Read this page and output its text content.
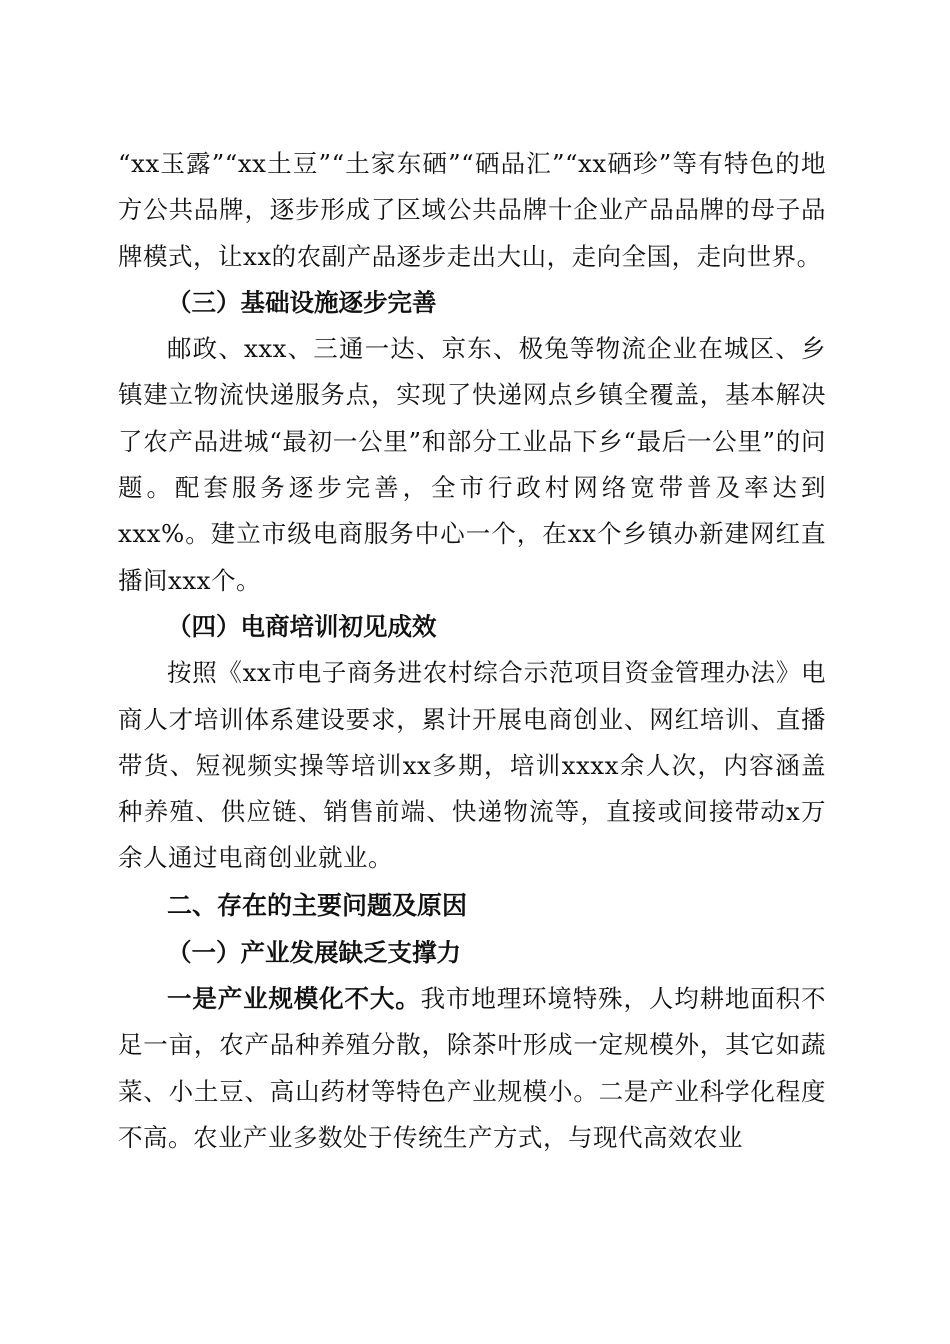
“xx玉露”“xx土豆”“土家东硒”“硒品汇”“xx硒珍”等有特色的地方公共品牌，逐步形成了区域公共品牌十企业产品品牌的母子品牌模式，让xx的农副产品逐步走出大山，走向全国，走向世界。

（三）基础设施逐步完善

邮政、xxx、三通一达、京东、极兔等物流企业在城区、乡镇建立物流快递服务点，实现了快递网点乡镇全覆盖，基本解决了农产品进城“最初一公里”和部分工业品下乡“最后一公里”的问题。配套服务逐步完善，全市行政村网络宽带普及率达到xxx%。建立市级电商服务中心一个，在xx个乡镇办新建网红直播间xxx个。

（四）电商培训初见成效

按照《xx市电子商务进农村综合示范项目资金管理办法》电商人才培训体系建设要求，累计开展电商创业、网红培训、直播带货、短视频实操等培训xx多期，培训xxxx余人次，内容涵盖种养殖、供应链、销售前端、快递物流等，直接或间接带动x万余人通过电商创业就业。

二、存在的主要问题及原因

（一）产业发展缺乏支撑力

一是产业规模化不大。我市地理环境特殊，人均耕地面积不足一亩，农产品种养殖分散，除茶叶形成一定规模外，其它如蔬菜、小土豆、高山药材等特色产业规模小。二是产业科学化程度不高。农业产业多数处于传统生产方式，与现代高效农业
